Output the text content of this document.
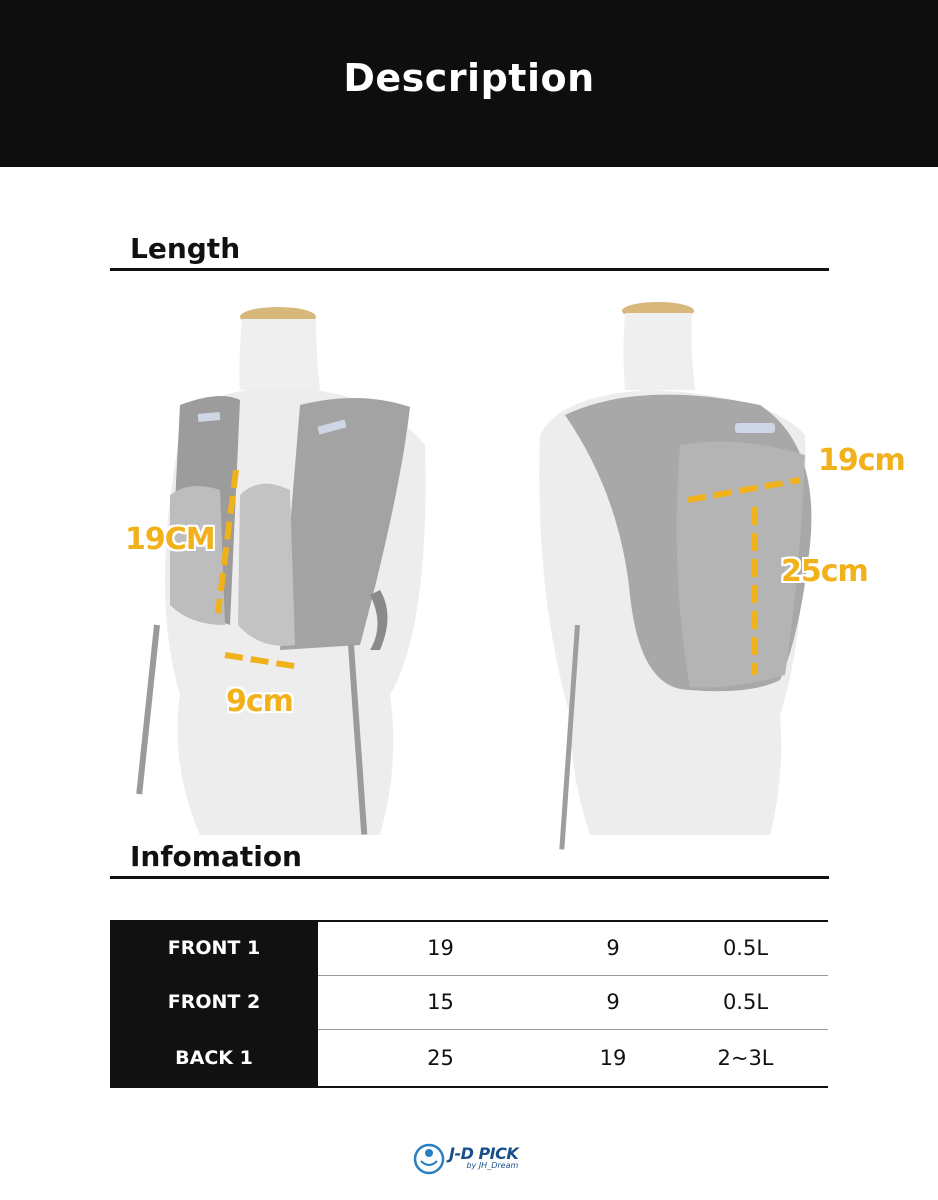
Description
Length
19CM
9cm
19cm
25cm
Infomation
FRONT 1	19	9	0.5L
FRONT 2	15	9	0.5L
BACK 1	25	19	2~3L
J-D PICK
by JH_Dream
